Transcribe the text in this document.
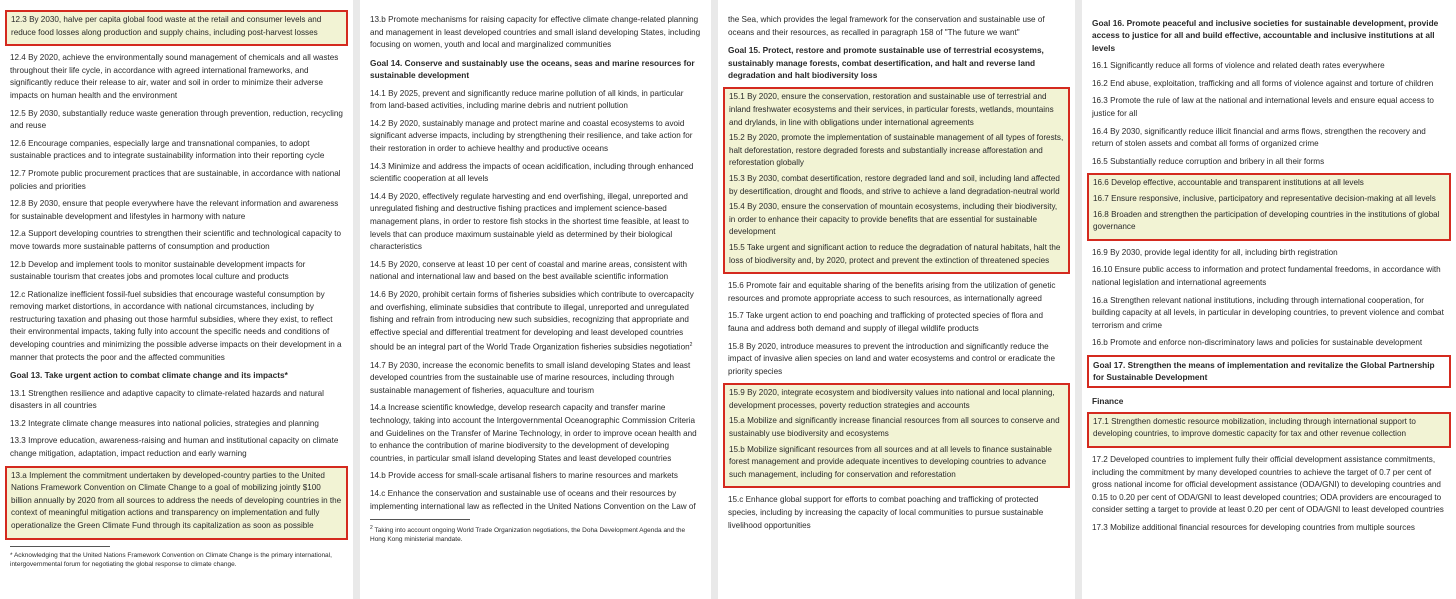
12.3 By 2030, halve per capita global food waste at the retail and consumer levels and reduce food losses along production and supply chains, including post-harvest losses

12.4 By 2020, achieve the environmentally sound management of chemicals and all wastes throughout their life cycle, in accordance with agreed international frameworks, and significantly reduce their release to air, water and soil in order to minimize their adverse impacts on human health and the environment

12.5 By 2030, substantially reduce waste generation through prevention, reduction, recycling and reuse

12.6 Encourage companies, especially large and transnational companies, to adopt sustainable practices and to integrate sustainability information into their reporting cycle

12.7 Promote public procurement practices that are sustainable, in accordance with national policies and priorities

12.8 By 2030, ensure that people everywhere have the relevant information and awareness for sustainable development and lifestyles in harmony with nature

12.a Support developing countries to strengthen their scientific and technological capacity to move towards more sustainable patterns of consumption and production

12.b Develop and implement tools to monitor sustainable development impacts for sustainable tourism that creates jobs and promotes local culture and products

12.c Rationalize inefficient fossil-fuel subsidies that encourage wasteful consumption by removing market distortions, in accordance with national circumstances, including by restructuring taxation and phasing out those harmful subsidies, where they exist, to reflect their environmental impacts, taking fully into account the specific needs and conditions of developing countries and minimizing the possible adverse impacts on their development in a manner that protects the poor and the affected communities

Goal 13. Take urgent action to combat climate change and its impacts*

13.1 Strengthen resilience and adaptive capacity to climate-related hazards and natural disasters in all countries

13.2 Integrate climate change measures into national policies, strategies and planning

13.3 Improve education, awareness-raising and human and institutional capacity on climate change mitigation, adaptation, impact reduction and early warning

13.a Implement the commitment undertaken by developed-country parties to the United Nations Framework Convention on Climate Change to a goal of mobilizing jointly $100 billion annually by 2020 from all sources to address the needs of developing countries in the context of meaningful mitigation actions and transparency on implementation and fully operationalize the Green Climate Fund through its capitalization as soon as possible

* Acknowledging that the United Nations Framework Convention on Climate Change is the primary international, intergovernmental forum for negotiating the global response to climate change.

13.b Promote mechanisms for raising capacity for effective climate change-related planning and management in least developed countries and small island developing States, including focusing on women, youth and local and marginalized communities

Goal 14. Conserve and sustainably use the oceans, seas and marine resources for sustainable development

14.1 By 2025, prevent and significantly reduce marine pollution of all kinds, in particular from land-based activities, including marine debris and nutrient pollution

14.2 By 2020, sustainably manage and protect marine and coastal ecosystems to avoid significant adverse impacts, including by strengthening their resilience, and take action for their restoration in order to achieve healthy and productive oceans

14.3 Minimize and address the impacts of ocean acidification, including through enhanced scientific cooperation at all levels

14.4 By 2020, effectively regulate harvesting and end overfishing, illegal, unreported and unregulated fishing and destructive fishing practices and implement science-based management plans, in order to restore fish stocks in the shortest time feasible, at least to levels that can produce maximum sustainable yield as determined by their biological characteristics

14.5 By 2020, conserve at least 10 per cent of coastal and marine areas, consistent with national and international law and based on the best available scientific information

14.6 By 2020, prohibit certain forms of fisheries subsidies which contribute to overcapacity and overfishing, eliminate subsidies that contribute to illegal, unreported and unregulated fishing and refrain from introducing new such subsidies, recognizing that appropriate and effective special and differential treatment for developing and least developed countries should be an integral part of the World Trade Organization fisheries subsidies negotiation$^2$

14.7 By 2030, increase the economic benefits to small island developing States and least developed countries from the sustainable use of marine resources, including through sustainable management of fisheries, aquaculture and tourism

14.a Increase scientific knowledge, develop research capacity and transfer marine technology, taking into account the Intergovernmental Oceanographic Commission Criteria and Guidelines on the Transfer of Marine Technology, in order to improve ocean health and to enhance the contribution of marine biodiversity to the development of developing countries, in particular small island developing States and least developed countries

14.b Provide access for small-scale artisanal fishers to marine resources and markets

14.c Enhance the conservation and sustainable use of oceans and their resources by implementing international law as reflected in the United Nations Convention on the Law of

$^2$ Taking into account ongoing World Trade Organization negotiations, the Doha Development Agenda and the Hong Kong ministerial mandate.

the Sea, which provides the legal framework for the conservation and sustainable use of oceans and their resources, as recalled in paragraph 158 of "The future we want"

Goal 15. Protect, restore and promote sustainable use of terrestrial ecosystems, sustainably manage forests, combat desertification, and halt and reverse land degradation and halt biodiversity loss

15.1 By 2020, ensure the conservation, restoration and sustainable use of terrestrial and inland freshwater ecosystems and their services, in particular forests, wetlands, mountains and drylands, in line with obligations under international agreements

15.2 By 2020, promote the implementation of sustainable management of all types of forests, halt deforestation, restore degraded forests and substantially increase afforestation and reforestation globally

15.3 By 2030, combat desertification, restore degraded land and soil, including land affected by desertification, drought and floods, and strive to achieve a land degradation-neutral world

15.4 By 2030, ensure the conservation of mountain ecosystems, including their biodiversity, in order to enhance their capacity to provide benefits that are essential for sustainable development

15.5 Take urgent and significant action to reduce the degradation of natural habitats, halt the loss of biodiversity and, by 2020, protect and prevent the extinction of threatened species

15.6 Promote fair and equitable sharing of the benefits arising from the utilization of genetic resources and promote appropriate access to such resources, as internationally agreed

15.7 Take urgent action to end poaching and trafficking of protected species of flora and fauna and address both demand and supply of illegal wildlife products

15.8 By 2020, introduce measures to prevent the introduction and significantly reduce the impact of invasive alien species on land and water ecosystems and control or eradicate the priority species

15.9 By 2020, integrate ecosystem and biodiversity values into national and local planning, development processes, poverty reduction strategies and accounts

15.a Mobilize and significantly increase financial resources from all sources to conserve and sustainably use biodiversity and ecosystems

15.b Mobilize significant resources from all sources and at all levels to finance sustainable forest management and provide adequate incentives to developing countries to advance such management, including for conservation and reforestation

15.c Enhance global support for efforts to combat poaching and trafficking of protected species, including by increasing the capacity of local communities to pursue sustainable livelihood opportunities

Goal 16. Promote peaceful and inclusive societies for sustainable development, provide access to justice for all and build effective, accountable and inclusive institutions at all levels

16.1 Significantly reduce all forms of violence and related death rates everywhere

16.2 End abuse, exploitation, trafficking and all forms of violence against and torture of children

16.3 Promote the rule of law at the national and international levels and ensure equal access to justice for all

16.4 By 2030, significantly reduce illicit financial and arms flows, strengthen the recovery and return of stolen assets and combat all forms of organized crime

16.5 Substantially reduce corruption and bribery in all their forms

16.6 Develop effective, accountable and transparent institutions at all levels

16.7 Ensure responsive, inclusive, participatory and representative decision-making at all levels

16.8 Broaden and strengthen the participation of developing countries in the institutions of global governance

16.9 By 2030, provide legal identity for all, including birth registration

16.10 Ensure public access to information and protect fundamental freedoms, in accordance with national legislation and international agreements

16.a Strengthen relevant national institutions, including through international cooperation, for building capacity at all levels, in particular in developing countries, to prevent violence and combat terrorism and crime

16.b Promote and enforce non-discriminatory laws and policies for sustainable development

Goal 17. Strengthen the means of implementation and revitalize the Global Partnership for Sustainable Development

Finance

17.1 Strengthen domestic resource mobilization, including through international support to developing countries, to improve domestic capacity for tax and other revenue collection

17.2 Developed countries to implement fully their official development assistance commitments, including the commitment by many developed countries to achieve the target of 0.7 per cent of gross national income for official development assistance (ODA/GNI) to developing countries and 0.15 to 0.20 per cent of ODA/GNI to least developed countries; ODA providers are encouraged to consider setting a target to provide at least 0.20 per cent of ODA/GNI to least developed countries

17.3 Mobilize additional financial resources for developing countries from multiple sources
